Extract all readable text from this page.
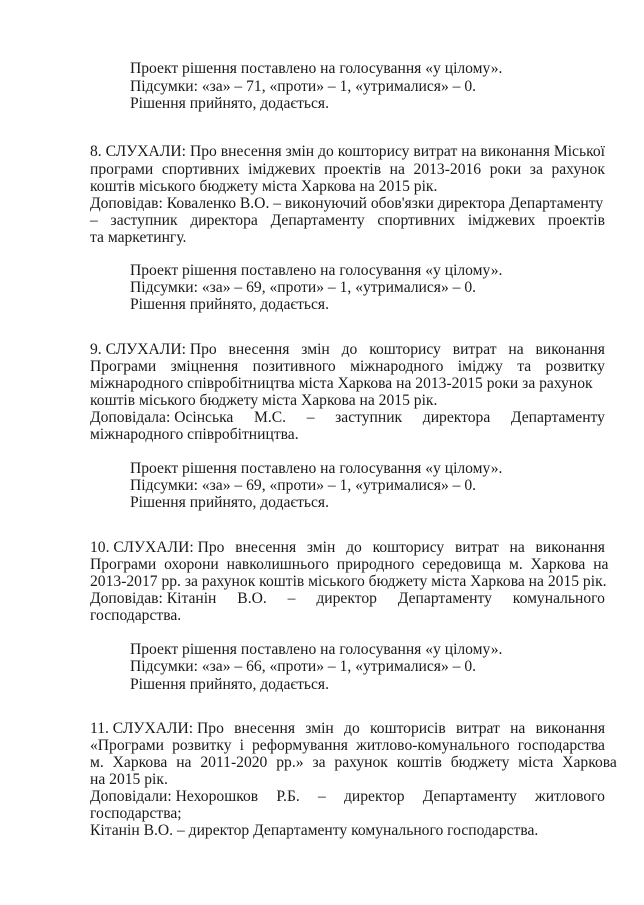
Проект рішення поставлено на голосування «у цілому».
Підсумки: «за» – 71, «проти» – 1, «утрималися» – 0.
Рішення прийнято, додається.
8. СЛУХАЛИ: Про внесення змін до кошторису витрат на виконання Міської
програми спортивних іміджевих проектів на 2013-2016 роки за рахунок
коштів міського бюджету міста Харкова на 2015 рік.
Доповідав: Коваленко В.О. – виконуючий обов'язки директора Департаменту
– заступник директора Департаменту спортивних іміджевих проектів
та маркетингу.
Проект рішення поставлено на голосування «у цілому».
Підсумки: «за» – 69, «проти» – 1, «утрималися» – 0.
Рішення прийнято, додається.
9. СЛУХАЛИ: Про внесення змін до кошторису витрат на виконання
Програми зміцнення позитивного міжнародного іміджу та розвитку
міжнародного співробітництва міста Харкова на 2013-2015 роки за рахунок
коштів міського бюджету міста Харкова на 2015 рік.
Доповідала: Осінська М.С. – заступник директора Департаменту
міжнародного співробітництва.
Проект рішення поставлено на голосування «у цілому».
Підсумки: «за» – 69, «проти» – 1, «утрималися» – 0.
Рішення прийнято, додається.
10. СЛУХАЛИ: Про внесення змін до кошторису витрат на виконання
Програми охорони навколишнього природного середовища м. Харкова на
2013-2017 рр. за рахунок коштів міського бюджету міста Харкова на 2015 рік.
Доповідав: Кітанін В.О. – директор Департаменту комунального
господарства.
Проект рішення поставлено на голосування «у цілому».
Підсумки: «за» – 66, «проти» – 1, «утрималися» – 0.
Рішення прийнято, додається.
11. СЛУХАЛИ: Про внесення змін до кошторисів витрат на виконання
«Програми розвитку і реформування житлово-комунального господарства
м. Харкова на 2011-2020 рр.» за рахунок коштів бюджету міста Харкова
на 2015 рік.
Доповідали: Нехорошков Р.Б. – директор Департаменту житлового
господарства;
Кітанін В.О. – директор Департаменту комунального господарства.
